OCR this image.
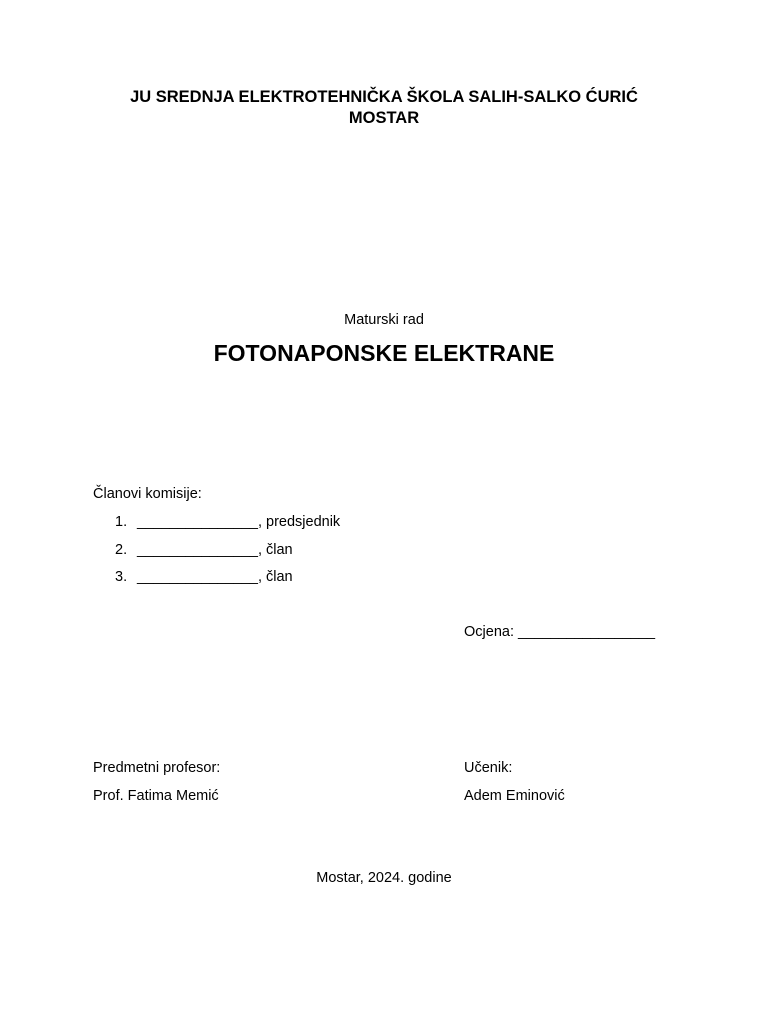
JU SREDNJA ELEKTROTEHNIČKA ŠKOLA SALIH-SALKO ĆURIĆ
MOSTAR
Maturski rad
FOTONAPONSKE ELEKTRANE
Članovi komisije:
1. _______________, predsjednik
2. _______________, član
3. _______________, član
Ocjena: _________________
Predmetni profesor:
Prof. Fatima Memić
Učenik:
Adem Eminović
Mostar, 2024. godine
